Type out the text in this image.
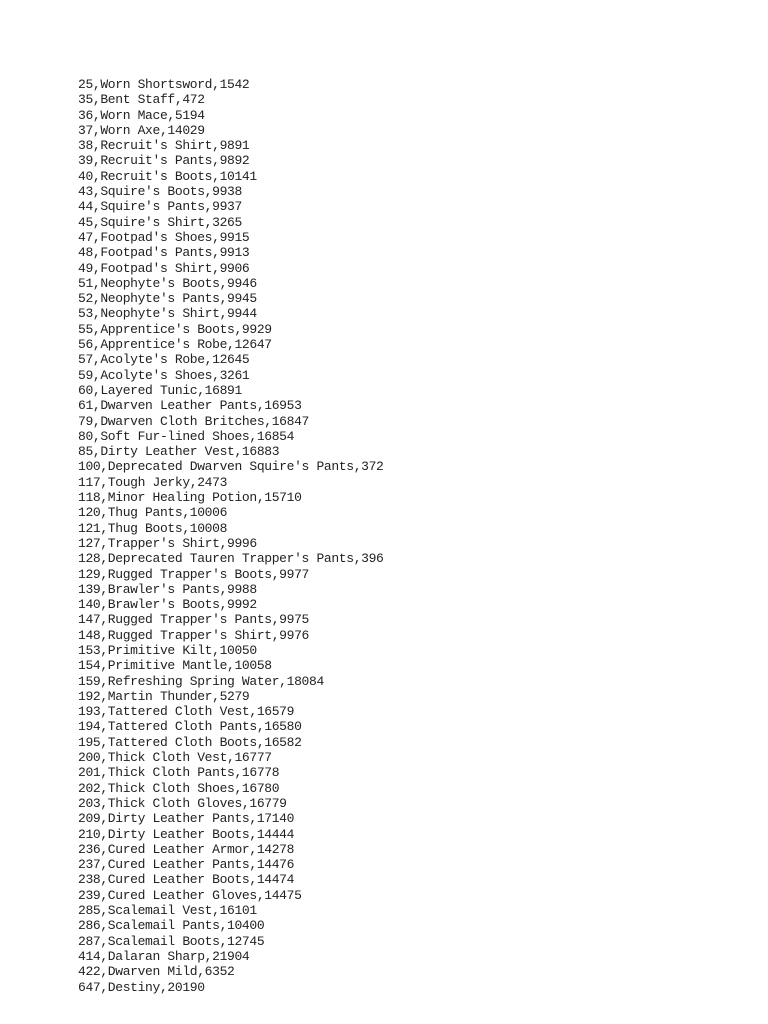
25,Worn Shortsword,1542
35,Bent Staff,472
36,Worn Mace,5194
37,Worn Axe,14029
38,Recruit's Shirt,9891
39,Recruit's Pants,9892
40,Recruit's Boots,10141
43,Squire's Boots,9938
44,Squire's Pants,9937
45,Squire's Shirt,3265
47,Footpad's Shoes,9915
48,Footpad's Pants,9913
49,Footpad's Shirt,9906
51,Neophyte's Boots,9946
52,Neophyte's Pants,9945
53,Neophyte's Shirt,9944
55,Apprentice's Boots,9929
56,Apprentice's Robe,12647
57,Acolyte's Robe,12645
59,Acolyte's Shoes,3261
60,Layered Tunic,16891
61,Dwarven Leather Pants,16953
79,Dwarven Cloth Britches,16847
80,Soft Fur-lined Shoes,16854
85,Dirty Leather Vest,16883
100,Deprecated Dwarven Squire's Pants,372
117,Tough Jerky,2473
118,Minor Healing Potion,15710
120,Thug Pants,10006
121,Thug Boots,10008
127,Trapper's Shirt,9996
128,Deprecated Tauren Trapper's Pants,396
129,Rugged Trapper's Boots,9977
139,Brawler's Pants,9988
140,Brawler's Boots,9992
147,Rugged Trapper's Pants,9975
148,Rugged Trapper's Shirt,9976
153,Primitive Kilt,10050
154,Primitive Mantle,10058
159,Refreshing Spring Water,18084
192,Martin Thunder,5279
193,Tattered Cloth Vest,16579
194,Tattered Cloth Pants,16580
195,Tattered Cloth Boots,16582
200,Thick Cloth Vest,16777
201,Thick Cloth Pants,16778
202,Thick Cloth Shoes,16780
203,Thick Cloth Gloves,16779
209,Dirty Leather Pants,17140
210,Dirty Leather Boots,14444
236,Cured Leather Armor,14278
237,Cured Leather Pants,14476
238,Cured Leather Boots,14474
239,Cured Leather Gloves,14475
285,Scalemail Vest,16101
286,Scalemail Pants,10400
287,Scalemail Boots,12745
414,Dalaran Sharp,21904
422,Dwarven Mild,6352
647,Destiny,20190
